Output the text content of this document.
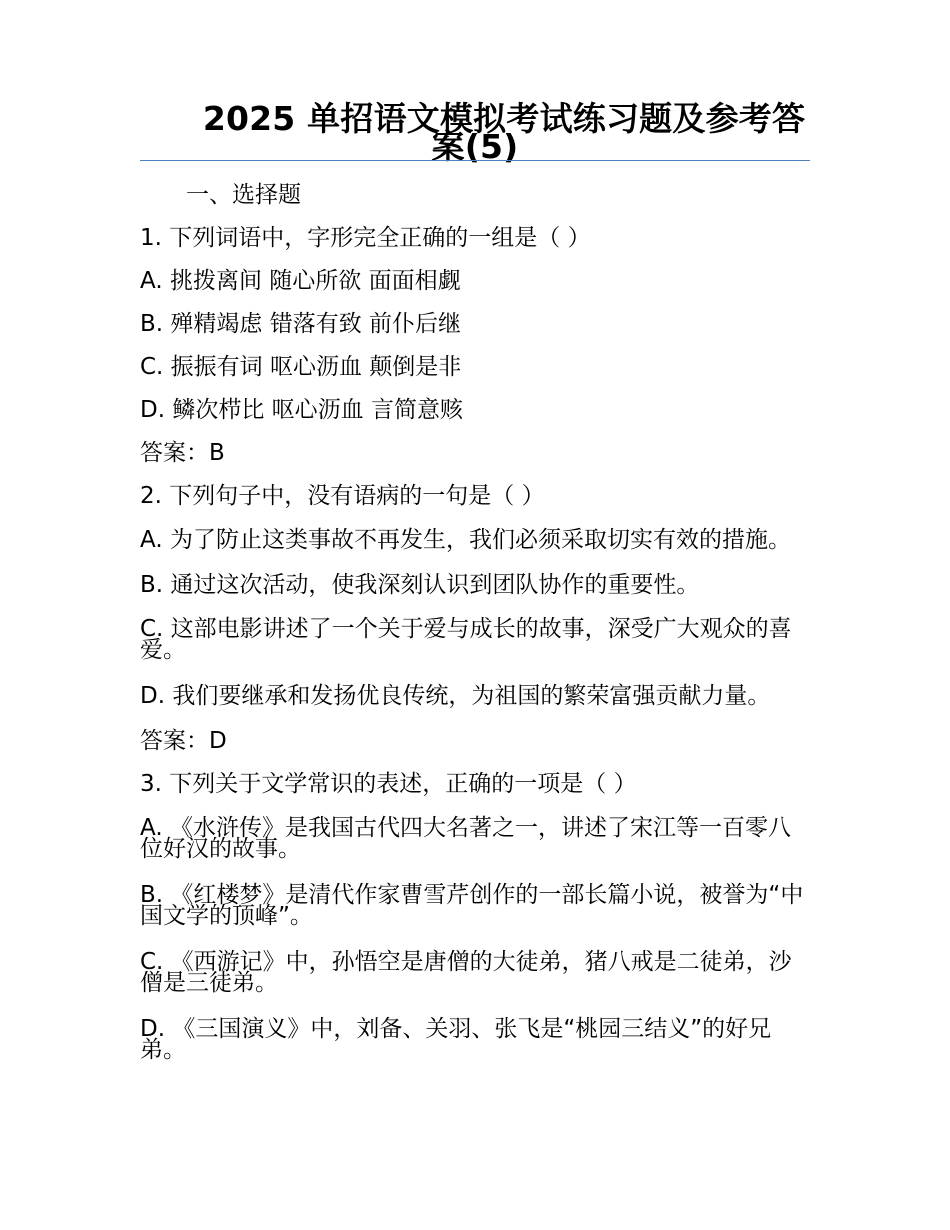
2025 单招语文模拟考试练习题及参考答
案(5)
一、选择题
1. 下列词语中，字形完全正确的一组是（ ）
A. 挑拨离间 随心所欲 面面相觑
B. 殚精竭虑 错落有致 前仆后继
C. 振振有词 呕心沥血 颠倒是非
D. 鳞次栉比 呕心沥血 言简意赅
答案：B
2. 下列句子中，没有语病的一句是（ ）
A. 为了防止这类事故不再发生，我们必须采取切实有效的措施。
B. 通过这次活动，使我深刻认识到团队协作的重要性。
C. 这部电影讲述了一个关于爱与成长的故事，深受广大观众的喜爱。
D. 我们要继承和发扬优良传统，为祖国的繁荣富强贡献力量。
答案：D
3. 下列关于文学常识的表述，正确的一项是（ ）
A. 《水浒传》是我国古代四大名著之一，讲述了宋江等一百零八位好汉的故事。
B. 《红楼梦》是清代作家曹雪芹创作的一部长篇小说，被誉为“中国文学的顶峰”。
C. 《西游记》中，孙悟空是唐僧的大徒弟，猪八戒是二徒弟，沙僧是三徒弟。
D. 《三国演义》中，刘备、关羽、张飞是“桃园三结义”的好兄弟。
